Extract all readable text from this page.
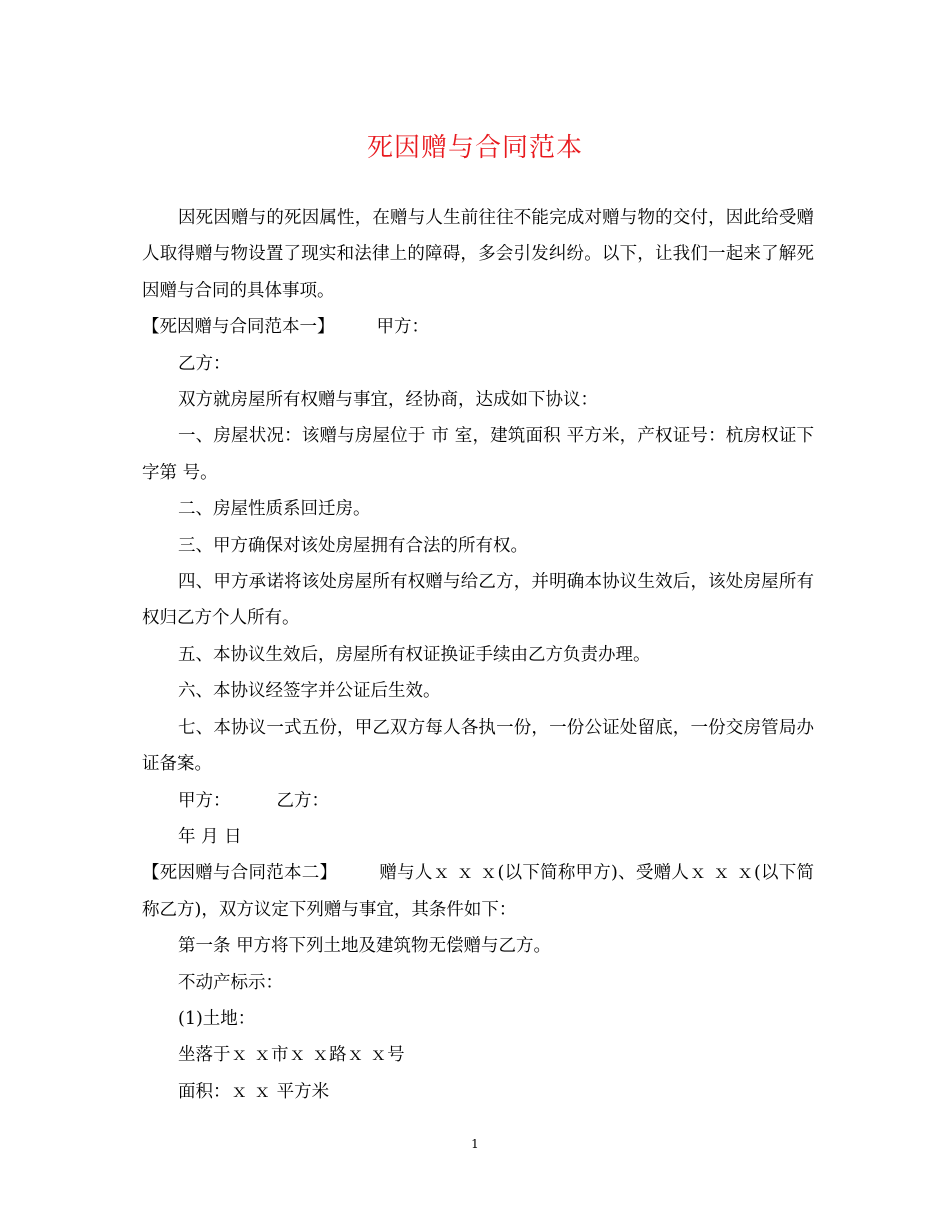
死因赠与合同范本

因死因赠与的死因属性，在赠与人生前往往不能完成对赠与物的交付，因此给受赠人取得赠与物设置了现实和法律上的障碍，多会引发纠纷。以下，让我们一起来了解死因赠与合同的具体事项。

【死因赠与合同范本一】 甲方：

乙方：

双方就房屋所有权赠与事宜，经协商，达成如下协议：

一、房屋状况：该赠与房屋位于 市 室，建筑面积 平方米，产权证号：杭房权证下字第 号。

二、房屋性质系回迁房。

三、甲方确保对该处房屋拥有合法的所有权。

四、甲方承诺将该处房屋所有权赠与给乙方，并明确本协议生效后，该处房屋所有权归乙方个人所有。

五、本协议生效后，房屋所有权证换证手续由乙方负责办理。

六、本协议经签字并公证后生效。

七、本协议一式五份，甲乙双方每人各执一份，一份公证处留底，一份交房管局办证备案。

甲方：	乙方：

年 月 日

【死因赠与合同范本二】 赠与人ｘ ｘ ｘ(以下简称甲方)、受赠人ｘ ｘ ｘ(以下简称乙方)，双方议定下列赠与事宜，其条件如下：

第一条 甲方将下列土地及建筑物无偿赠与乙方。

不动产标示：

(1)土地：

坐落于ｘ ｘ市ｘ ｘ路ｘ ｘ号

面积：ｘ ｘ 平方米

1
